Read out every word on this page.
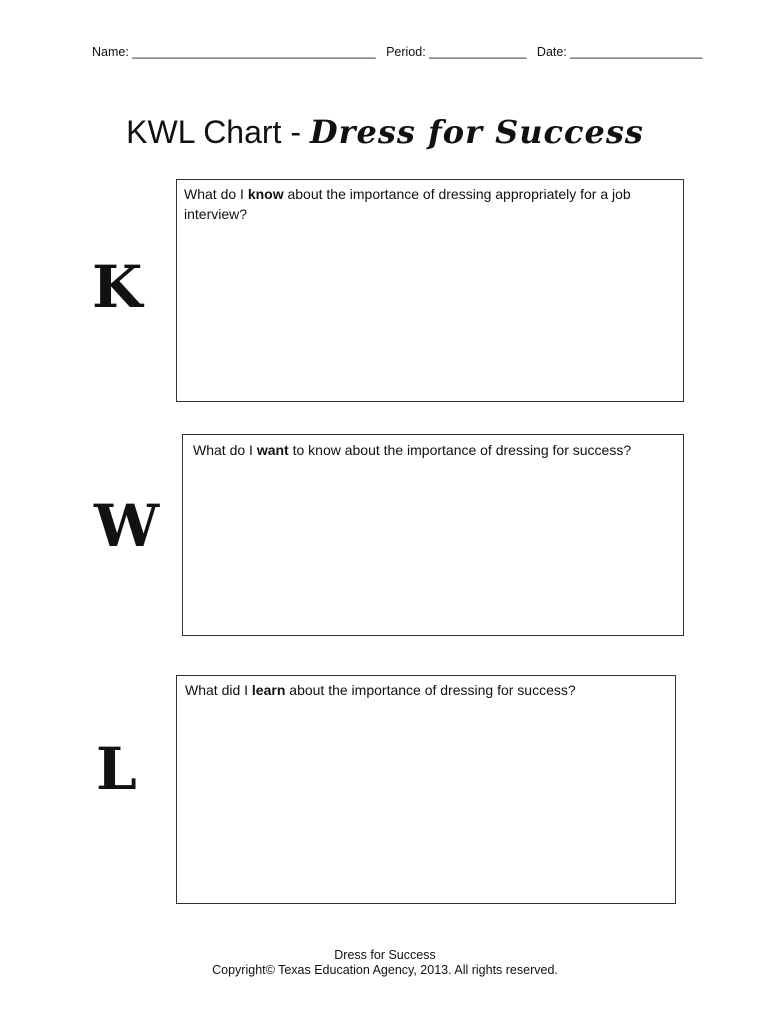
Name: ___________________________________ Period: ______________ Date: ___________________
KWL Chart - Dress for Success
K
What do I know about the importance of dressing appropriately for a job interview?
W
What do I want to know about the importance of dressing for success?
L
What did I learn about the importance of dressing for success?
Dress for Success
Copyright© Texas Education Agency, 2013. All rights reserved.
